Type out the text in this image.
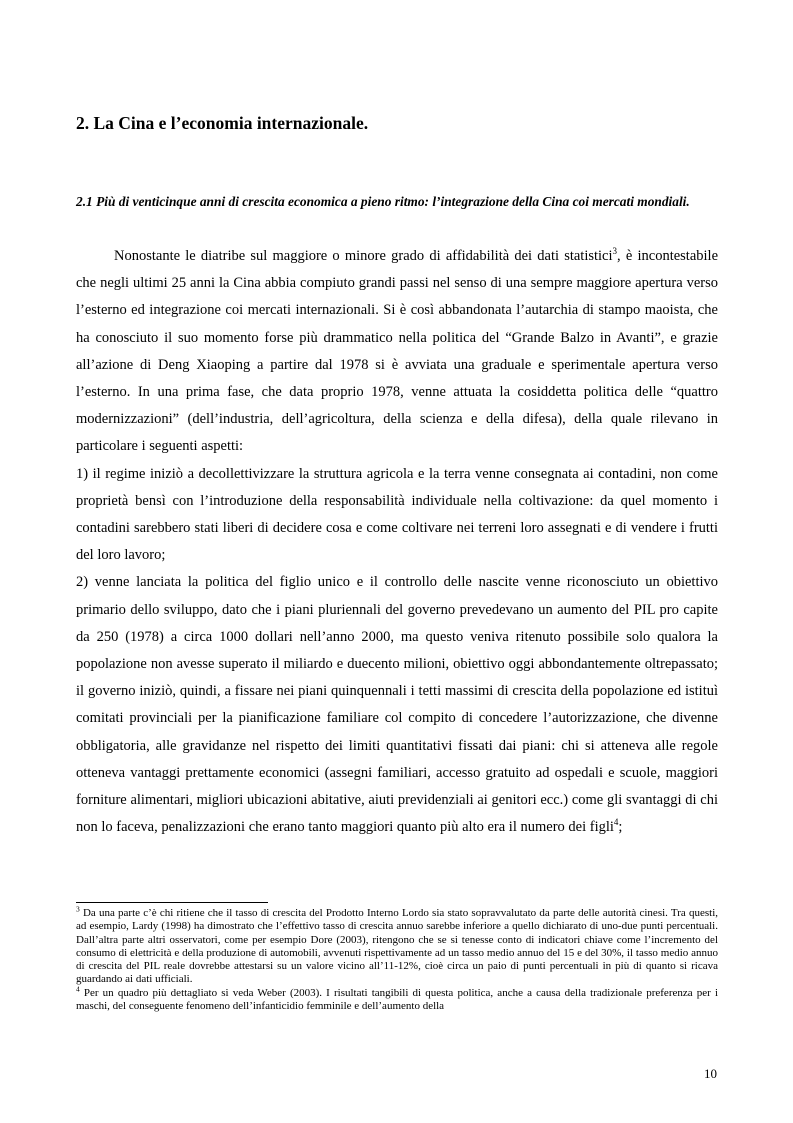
2. La Cina e l’economia internazionale.
2.1 Più di venticinque anni di crescita economica a pieno ritmo: l’integrazione della Cina coi mercati mondiali.

Nonostante le diatribe sul maggiore o minore grado di affidabilità dei dati statistici$^3$, è incontestabile che negli ultimi 25 anni la Cina abbia compiuto grandi passi nel senso di una sempre maggiore apertura verso l’esterno ed integrazione coi mercati internazionali. Si è così abbandonata l’autarchia di stampo maoista, che ha conosciuto il suo momento forse più drammatico nella politica del “Grande Balzo in Avanti”, e grazie all’azione di Deng Xiaoping a partire dal 1978 si è avviata una graduale e sperimentale apertura verso l’esterno. In una prima fase, che data proprio 1978, venne attuata la cosiddetta politica delle “quattro modernizzazioni” (dell’industria, dell’agricoltura, della scienza e della difesa), della quale rilevano in particolare i seguenti aspetti:

1) il regime iniziò a decollettivizzare la struttura agricola e la terra venne consegnata ai contadini, non come proprietà bensì con l’introduzione della responsabilità individuale nella coltivazione: da quel momento i contadini sarebbero stati liberi di decidere cosa e come coltivare nei terreni loro assegnati e di vendere i frutti del loro lavoro;

2) venne lanciata la politica del figlio unico e il controllo delle nascite venne riconosciuto un obiettivo primario dello sviluppo, dato che i piani pluriennali del governo prevedevano un aumento del PIL pro capite da 250 (1978) a circa 1000 dollari nell’anno 2000, ma questo veniva ritenuto possibile solo qualora la popolazione non avesse superato il miliardo e duecento milioni, obiettivo oggi abbondantemente oltrepassato; il governo iniziò, quindi, a fissare nei piani quinquennali i tetti massimi di crescita della popolazione ed istituì comitati provinciali per la pianificazione familiare col compito di concedere l’autorizzazione, che divenne obbligatoria, alle gravidanze nel rispetto dei limiti quantitativi fissati dai piani: chi si atteneva alle regole otteneva vantaggi prettamente economici (assegni familiari, accesso gratuito ad ospedali e scuole, maggiori forniture alimentari, migliori ubicazioni abitative, aiuti previdenziali ai genitori ecc.) come gli svantaggi di chi non lo faceva, penalizzazioni che erano tanto maggiori quanto più alto era il numero dei figli$^4$;

$^3$ Da una parte c’è chi ritiene che il tasso di crescita del Prodotto Interno Lordo sia stato sopravvalutato da parte delle autorità cinesi. Tra questi, ad esempio, Lardy (1998) ha dimostrato che l’effettivo tasso di crescita annuo sarebbe inferiore a quello dichiarato di uno-due punti percentuali. Dall’altra parte altri osservatori, come per esempio Dore (2003), ritengono che se si tenesse conto di indicatori chiave come l’incremento del consumo di elettricità e della produzione di automobili, avvenuti rispettivamente ad un tasso medio annuo del 15 e del 30%, il tasso medio annuo di crescita del PIL reale dovrebbe attestarsi su un valore vicino all’11-12%, cioè circa un paio di punti percentuali in più di quanto si ricava guardando ai dati ufficiali.

$^4$ Per un quadro più dettagliato si veda Weber (2003). I risultati tangibili di questa politica, anche a causa della tradizionale preferenza per i maschi, del conseguente fenomeno dell’infanticidio femminile e dell’aumento della

10
